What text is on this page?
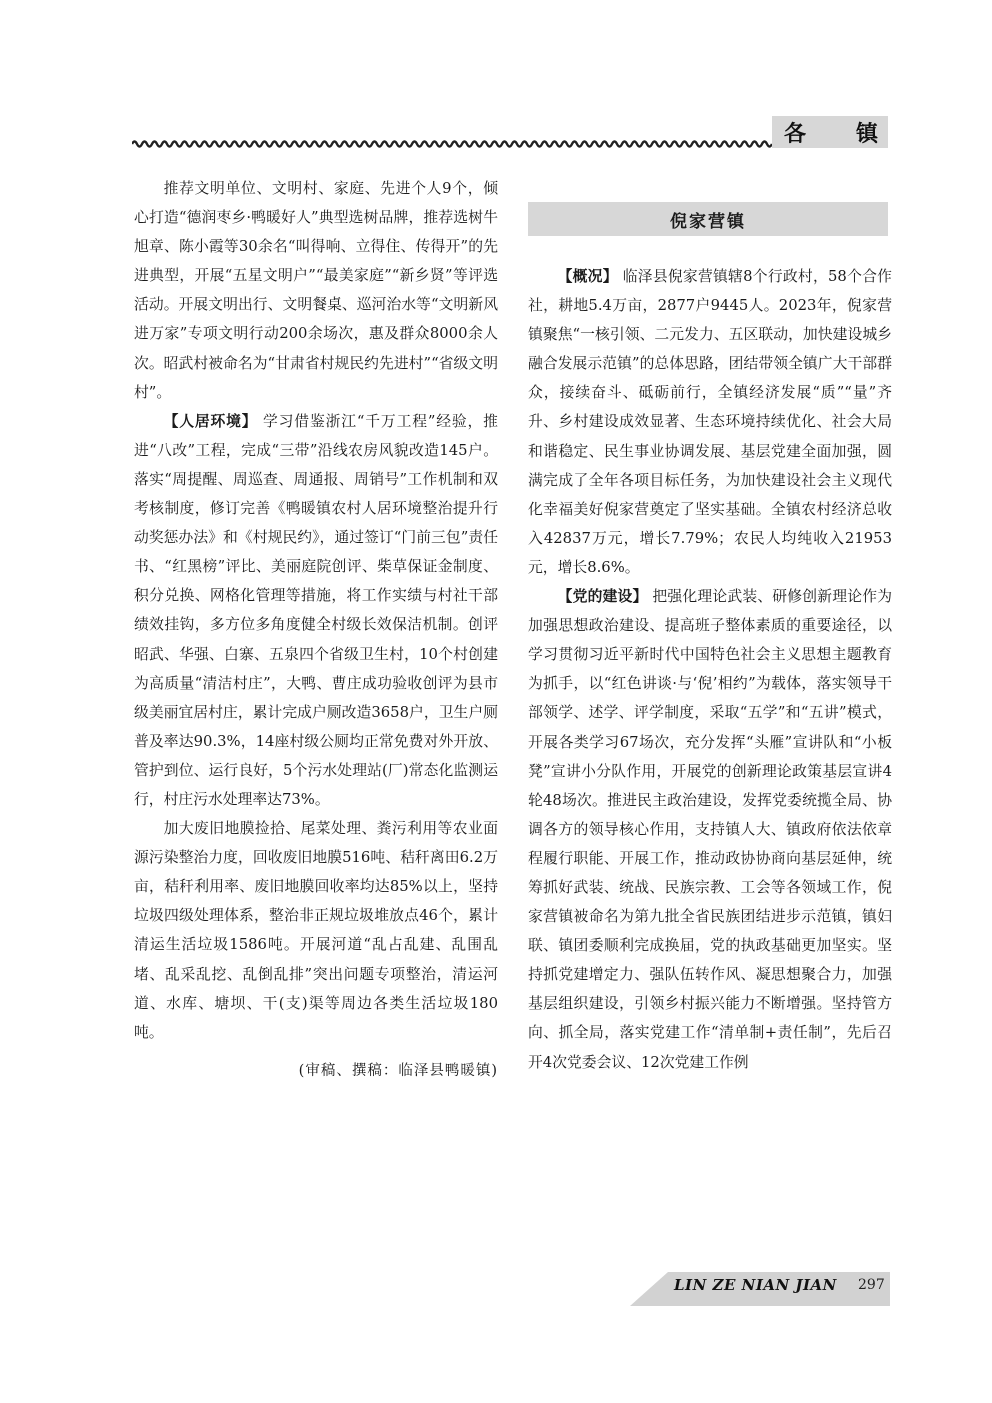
各 镇

推荐文明单位、文明村、家庭、先进个人9个，倾心打造“德润枣乡·鸭暖好人”典型选树品牌，推荐选树牛旭章、陈小霞等30余名“叫得响、立得住、传得开”的先进典型，开展“五星文明户”“最美家庭”“新乡贤”等评选活动。开展文明出行、文明餐桌、巡河治水等“文明新风进万家”专项文明行动200余场次，惠及群众8000余人次。昭武村被命名为“甘肃省村规民约先进村”“省级文明村”。

【人居环境】 学习借鉴浙江“千万工程”经验，推进“八改”工程，完成“三带”沿线农房风貌改造145户。落实“周提醒、周巡查、周通报、周销号”工作机制和双考核制度，修订完善《鸭暖镇农村人居环境整治提升行动奖惩办法》和《村规民约》，通过签订“门前三包”责任书、“红黑榜”评比、美丽庭院创评、柴草保证金制度、积分兑换、网格化管理等措施，将工作实绩与村社干部绩效挂钩，多方位多角度健全村级长效保洁机制。创评昭武、华强、白寨、五泉四个省级卫生村，10个村创建为高质量“清洁村庄”，大鸭、曹庄成功验收创评为县市级美丽宜居村庄，累计完成户厕改造3658户，卫生户厕普及率达90.3%，14座村级公厕均正常免费对外开放、管护到位、运行良好，5个污水处理站(厂)常态化监测运行，村庄污水处理率达73%。

加大废旧地膜捡拾、尾菜处理、粪污利用等农业面源污染整治力度，回收废旧地膜516吨、秸秆离田6.2万亩，秸秆利用率、废旧地膜回收率均达85%以上，坚持垃圾四级处理体系，整治非正规垃圾堆放点46个，累计清运生活垃圾1586吨。开展河道“乱占乱建、乱围乱堵、乱采乱挖、乱倒乱排”突出问题专项整治，清运河道、水库、塘坝、干(支)渠等周边各类生活垃圾180吨。

(审稿、撰稿：临泽县鸭暖镇)
倪家营镇

【概况】 临泽县倪家营镇辖8个行政村，58个合作社，耕地5.4万亩，2877户9445人。2023年，倪家营镇聚焦“一核引领、二元发力、五区联动，加快建设城乡融合发展示范镇”的总体思路，团结带领全镇广大干部群众，接续奋斗、砥砺前行，全镇经济发展“质”“量”齐升、乡村建设成效显著、生态环境持续优化、社会大局和谐稳定、民生事业协调发展、基层党建全面加强，圆满完成了全年各项目标任务，为加快建设社会主义现代化幸福美好倪家营奠定了坚实基础。全镇农村经济总收入42837万元，增长7.79%；农民人均纯收入21953元，增长8.6%。

【党的建设】 把强化理论武装、研修创新理论作为加强思想政治建设、提高班子整体素质的重要途径，以学习贯彻习近平新时代中国特色社会主义思想主题教育为抓手，以“红色讲谈·与‘倪’相约”为载体，落实领导干部领学、述学、评学制度，采取“五学”和“五讲”模式，开展各类学习67场次，充分发挥“头雁”宣讲队和“小板凳”宣讲小分队作用，开展党的创新理论政策基层宣讲4轮48场次。推进民主政治建设，发挥党委统揽全局、协调各方的领导核心作用，支持镇人大、镇政府依法依章程履行职能、开展工作，推动政协协商向基层延伸，统筹抓好武装、统战、民族宗教、工会等各领域工作，倪家营镇被命名为第九批全省民族团结进步示范镇，镇妇联、镇团委顺利完成换届，党的执政基础更加坚实。坚持抓党建增定力、强队伍转作风、凝思想聚合力，加强基层组织建设，引领乡村振兴能力不断增强。坚持管方向、抓全局，落实党建工作“清单制+责任制”，先后召开4次党委会议、12次党建工作例

LIN ZE NIAN JIAN 297
